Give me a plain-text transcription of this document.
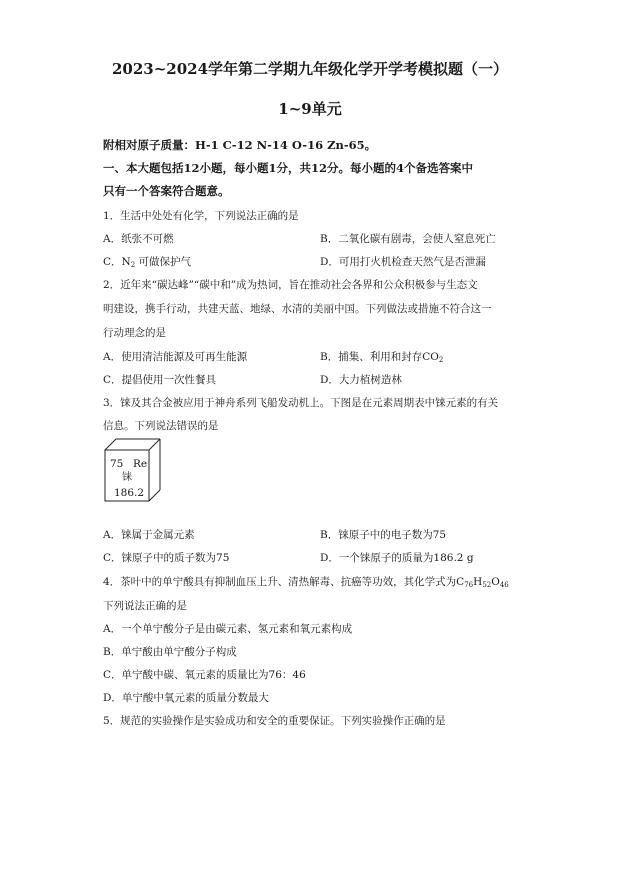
2023~2024学年第二学期九年级化学开学考模拟题（一）
1~9单元
附相对原子质量：H-1 C-12 N-14 O-16 Zn-65。
一、本大题包括12小题，每小题1分，共12分。每小题的4个备选答案中
只有一个答案符合题意。
1．生活中处处有化学，下列说法正确的是
A．纸张不可燃	B．二氧化碳有剧毒，会使人窒息死亡
C．$N_2$ 可做保护气	D．可用打火机检查天然气是否泄漏
2．近年来“碳达峰”“碳中和”成为热词，旨在推动社会各界和公众积极参与生态文
明建设，携手行动，共建天蓝、地绿、水清的美丽中国。下列做法或措施不符合这一
行动理念的是
A．使用清洁能源及可再生能源	B．捕集、利用和封存$CO_2$
C．提倡使用一次性餐具	D．大力植树造林
3．铼及其合金被应用于神舟系列飞船发动机上。下图是在元素周期表中铼元素的有关
信息。下列说法错误的是
75 Re
铼
186.2
A．铼属于金属元素	B．铼原子中的电子数为75
C．铼原子中的质子数为75	D．一个铼原子的质量为186.2 g
4．茶叶中的单宁酸具有抑制血压上升、清热解毒、抗癌等功效，其化学式为$C_{76}H_{52}O_{46}$
下列说法正确的是
A．一个单宁酸分子是由碳元素、氢元素和氧元素构成
B．单宁酸由单宁酸分子构成
C．单宁酸中碳、氧元素的质量比为76：46
D．单宁酸中氧元素的质量分数最大
5．规范的实验操作是实验成功和安全的重要保证。下列实验操作正确的是
